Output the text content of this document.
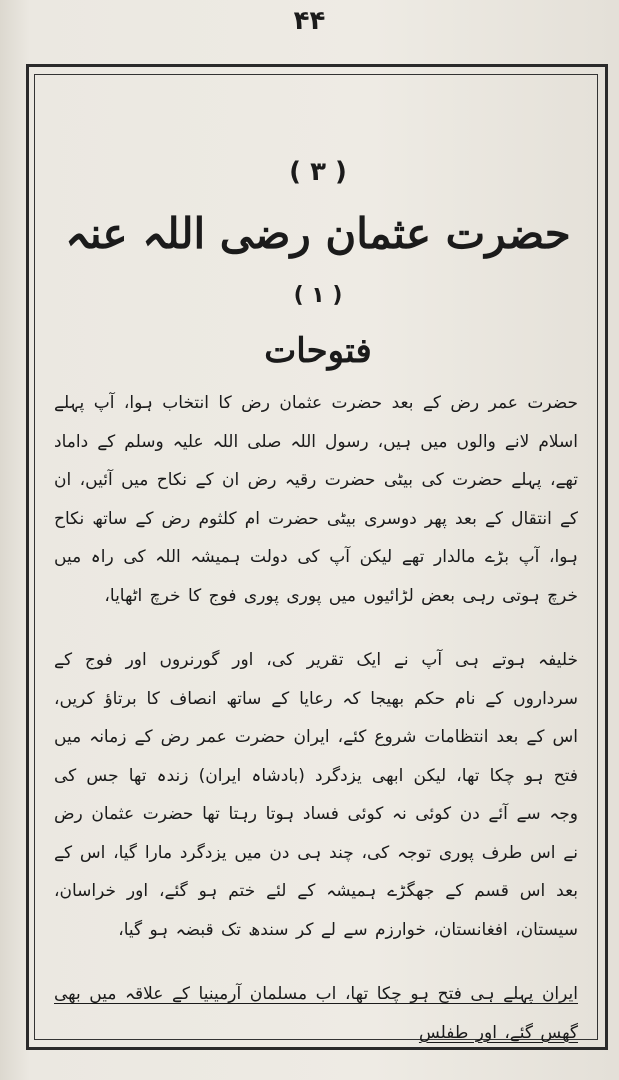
۴۴
( ۳ )
حضرت عثمان رضی اللہ عنہ
( ۱ )
فتوحات
حضرت عمر رض کے بعد حضرت عثمان رض کا انتخاب ہوا، آپ پہلے اسلام لانے والوں میں ہیں، رسول اللہ صلی اللہ علیہ وسلم کے داماد تھے، پہلے حضرت کی بیٹی حضرت رقیہ رض ان کے نکاح میں آئیں، ان کے انتقال کے بعد پھر دوسری بیٹی حضرت ام کلثوم رض کے ساتھ نکاح ہوا، آپ بڑے مالدار تھے لیکن آپ کی دولت ہمیشہ اللہ کی راہ میں خرچ ہوتی رہی بعض لڑائیوں میں پوری پوری فوج کا خرچ اٹھایا،
خلیفہ ہوتے ہی آپ نے ایک تقریر کی، اور گورنروں اور فوج کے سرداروں کے نام حکم بھیجا کہ رعایا کے ساتھ انصاف کا برتاؤ کریں، اس کے بعد انتظامات شروع کئے، ایران حضرت عمر رض کے زمانہ میں فتح ہو چکا تھا، لیکن ابھی یزدگرد (بادشاہ ایران) زندہ تھا جس کی وجہ سے آئے دن کوئی نہ کوئی فساد ہوتا رہتا تھا حضرت عثمان رض نے اس طرف پوری توجہ کی، چند ہی دن میں یزدگرد مارا گیا، اس کے بعد اس قسم کے جھگڑے ہمیشہ کے لئے ختم ہو گئے، اور خراسان، سیستان، افغانستان، خوارزم سے لے کر سندھ تک قبضہ ہو گیا،
ایران پہلے ہی فتح ہو چکا تھا، اب مسلمان آرمینیا کے علاقہ میں بھی گھس گئے، اور طفلس
